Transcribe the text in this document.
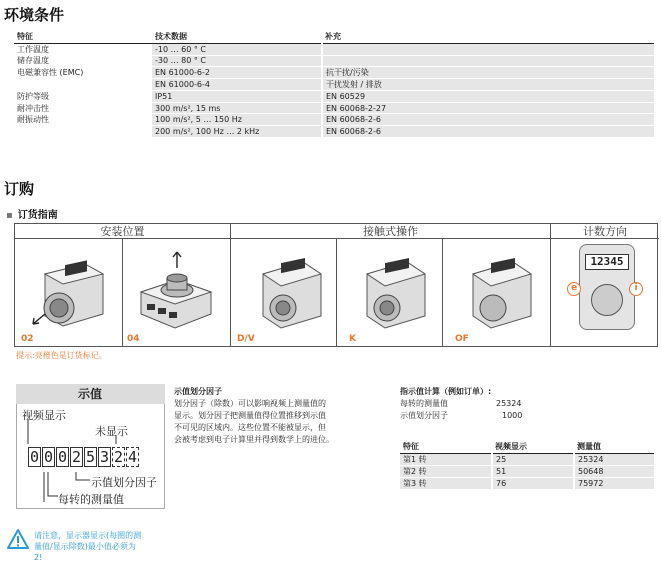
环境条件
特征	技术数据	补充
工作温度	-10 … 60 ° C	
储存温度	-30 … 80 ° C	
电磁兼容性 (EMC)	EN 61000-6-2	抗干扰/污染
	EN 61000-6-4	干扰发射 / 排放
防护等级	IP51	EN 60529
耐冲击性	300 m/s², 15 ms	EN 60068-2-27
耐振动性	100 m/s², 5 … 150 Hz	EN 60068-2-6
	200 m/s², 100 Hz … 2 kHz	EN 60068-2-6
订购
▪ 订货指南
安装位置	接触式操作	计数方向
12345
e	i
02	04	D/V	K	OF
提示:亮橙色是订货标记。
示值
视频显示
未显示
0 0 0 2 5 3 2 4
示值划分因子
每转的测量值
示值划分因子
划分因子（除数）可以影响视频上测量值的
显示。划分因子把测量值得位置推移到示值
不可见的区域内。这些位置不能被显示，但
会被考虑到电子计算里并得到数学上的进位。
指示值计算（例如订单）:
每转的测量值	25324
示值划分因子	1000
特征	视频显示	测量值
第1 转	25	25324
第2 转	51	50648
第3 转	76	75972
请注意，显示器显示(每圈的测
量值/显示除数)最小值必须为
2!
